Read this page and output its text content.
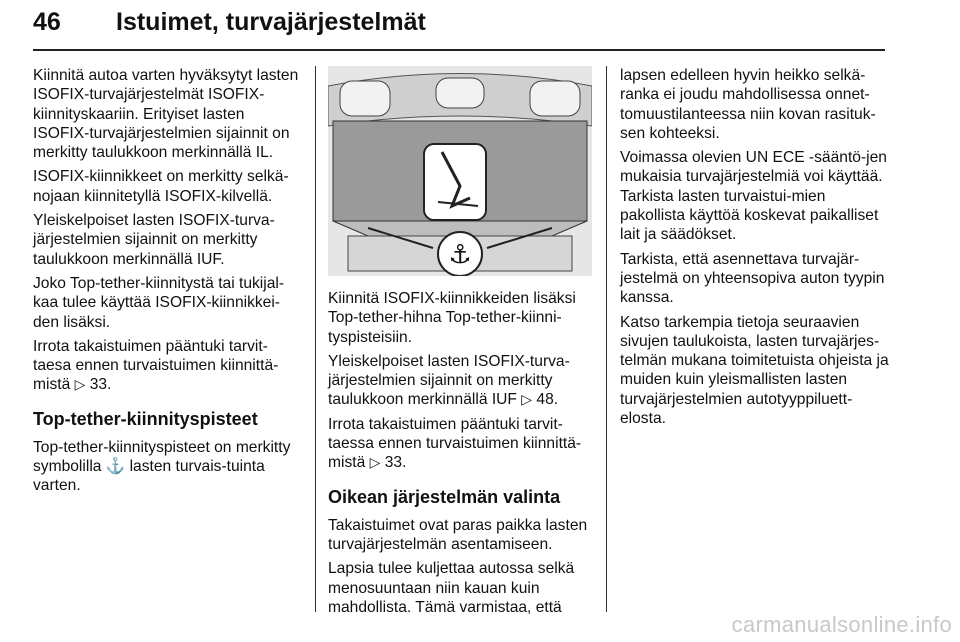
46 Istuimet, turvajärjestelmät

Kiinnitä autoa varten hyväksytyt lasten ISOFIX-turvajärjestelmät ISOFIX-kiinnityskaariin. Erityiset lasten ISOFIX-turvajärjestelmien sijainnit on merkitty taulukkoon merkinnällä IL.

ISOFIX-kiinnikkeet on merkitty selkä-nojaan kiinnitetyllä ISOFIX-kilvellä.

Yleiskelpoiset lasten ISOFIX-turva-järjestelmien sijainnit on merkitty taulukkoon merkinnällä IUF.

Joko Top-tether-kiinnitystä tai tukijal-kaa tulee käyttää ISOFIX-kiinnikkei-den lisäksi.

Irrota takaistuimen pääntuki tarvit-taesa ennen turvaistuimen kiinnittä-mistä ▷ 33.

Top-tether-kiinnityspisteet

Top-tether-kiinnityspisteet on merkitty symbolilla ⚓ lasten turvais-tuinta varten.

⚓

Kiinnitä ISOFIX-kiinnikkeiden lisäksi Top-tether-hihna Top-tether-kiinni-tyspisteisiin.

Yleiskelpoiset lasten ISOFIX-turva-järjestelmien sijainnit on merkitty taulukkoon merkinnällä IUF ▷ 48.

Irrota takaistuimen pääntuki tarvit-taessa ennen turvaistuimen kiinnittä-mistä ▷ 33.

Oikean järjestelmän valinta

Takaistuimet ovat paras paikka lasten turvajärjestelmän asentamiseen.

Lapsia tulee kuljettaa autossa selkä menosuuntaan niin kauan kuin mahdollista. Tämä varmistaa, että

lapsen edelleen hyvin heikko selkä-ranka ei joudu mahdollisessa onnet-tomuustilanteessa niin kovan rasituk-sen kohteeksi.

Voimassa olevien UN ECE -sääntö-jen mukaisia turvajärjestelmiä voi käyttää. Tarkista lasten turvaistui-mien pakollista käyttöä koskevat paikalliset lait ja säädökset.

Tarkista, että asennettava turvajär-jestelmä on yhteensopiva auton tyypin kanssa.

Katso tarkempia tietoja seuraavien sivujen taulukoista, lasten turvajärjes-telmän mukana toimitetuista ohjeista ja muiden kuin yleismallisten lasten turvajärjestelmien autotyyppiluett-elosta.

carmanualsonline.info
